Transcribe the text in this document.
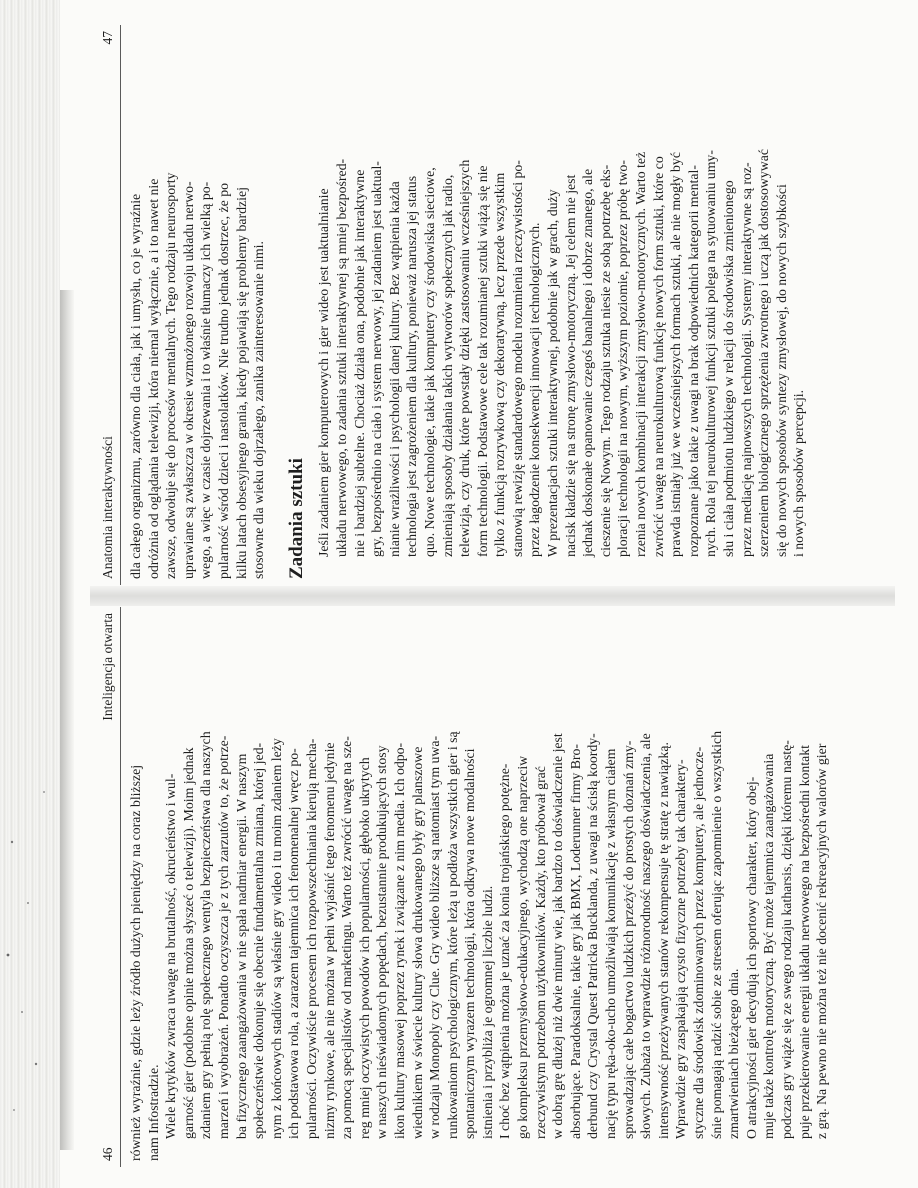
46
Inteligencja otwarta

również wyraźnie, gdzie leży źródło dużych pieniędzy na coraz bliższej nam Infostradzie. Wiele krytyków zwraca uwagę na brutalność, okrucieństwo i wul- garność gier (podobne opinie można słyszeć o telewizji). Moim jednak zdaniem gry pełnią rolę społecznego wentyla bezpieczeństwa dla naszych marzeń i wyobrażeń. Ponadto oczyszcza je z tych zarzutów to, że potrze- ba fizycznego zaangażowania w nie spała nadmiar energii. W naszym społeczeństwie dokonuje się obecnie fundamentalna zmiana, której jed- nym z końcowych stadiów są właśnie gry wideo i tu moim zdaniem leży ich podstawowa rola, a zarazem tajemnica ich fenomenalnej wręcz po- pularności. Oczywiście procesem ich rozpowszechniania kierują mecha- nizmy rynkowe, ale nie można w pełni wyjaśnić tego fenomenu jedynie za pomocą specjalistów od marketingu. Warto też zwrócić uwagę na sze- reg mniej oczywistych powodów ich popularności, głęboko ukrytych w naszych nieświadomych popędach, bezustannie produkujących stosy ikon kultury masowej poprzez rynek i związane z nim media. Ich odpo- wiednikiem w świecie kultury słowa drukowanego były gry planszowe w rodzaju Monopoly czy Clue. Gry wideo bliższe są natomiast tym uwa- runkowaniom psychologicznym, które leżą u podłoża wszystkich gier i są spontanicznym wyrazem technologii, która odkrywa nowe modalności istnienia i przybliża je ogromnej liczbie ludzi. I choć bez wątpienia można je uznać za konia trojańskiego potężne- go kompleksu przemysłowo-edukacyjnego, wychodzą one naprzeciw rzeczywistym potrzebom użytkowników. Każdy, kto próbował grać w dobrą grę dłużej niż dwie minuty wie, jak bardzo to doświadczenie jest absorbujące. Paradoksalnie, takie gry jak BMX, Loderunner firmy Bro- derbund czy Crystal Quest Patricka Bucklanda, z uwagi na ścisłą koordy- nację typu ręka-oko-ucho umożliwiają komunikację z własnym ciałem sprowadzając całe bogactwo ludzkich przeżyć do prostych doznań zmy- słowych. Zubaża to wprawdzie różnorodność naszego doświadczenia, ale intensywność przeżywanych stanów rekompensuje tę stratę z nawiązką. Wprawdzie gry zaspakajają czysto fizyczne potrzeby tak charaktery- styczne dla środowisk zdominowanych przez komputery, ale jednocze- śnie pomagają radzić sobie ze stresem oferując zapomnienie o wszystkich zmartwieniach bieżącego dnia. O atrakcyjności gier decydują ich sportowy charakter, który obej- muje także kontrolę motoryczną. Być może tajemnica zaangażowania podczas gry wiąże się ze swego rodzaju katharsis, dzięki któremu nastę- puje przekierowanie energii układu nerwowego na bezpośredni kontakt z grą. Na pewno nie można też nie docenić rekreacyjnych walorów gier

Anatomia interaktywności
47

dla całego organizmu, zarówno dla ciała, jak i umysłu, co je wyraźnie odróżnia od oglądania telewizji, która niemal wyłącznie, a i to nawet nie zawsze, odwołuje się do procesów mentalnych. Tego rodzaju neurosporty uprawiane są zwłaszcza w okresie wzmożonego rozwoju układu nerwo- wego, a więc w czasie dojrzewania i to właśnie tłumaczy ich wielką po- pularność wśród dzieci i nastolatków. Nie trudno jednak dostrzec, że po kilku latach obsesyjnego grania, kiedy pojawiają się problemy bardziej stosowne dla wieku dojrzałego, zanika zainteresowanie nimi. Zadania sztuki Jeśli zadaniem gier komputerowych i gier wideo jest uaktualnianie układu nerwowego, to zadania sztuki interaktywnej są mniej bezpośred- nie i bardziej subtelne. Chociaż działa ona, podobnie jak interaktywne gry, bezpośrednio na ciało i system nerwowy, jej zadaniem jest uaktual- nianie wrażliwości i psychologii danej kultury. Bez wątpienia każda technologia jest zagrożeniem dla kultury, ponieważ narusza jej status quo. Nowe technologie, takie jak komputery czy środowiska sieciowe, zmieniają sposoby działania takich wytworów społecznych jak radio, telewizja, czy druk, które powstały dzięki zastosowaniu wcześniejszych form technologii. Podstawowe cele tak rozumianej sztuki wiążą się nie tylko z funkcją rozrywkową czy dekoratywną, lecz przede wszystkim stanowią rewizję standardowego modelu rozumienia rzeczywistości po- przez łagodzenie konsekwencji innowacji technologicznych. W prezentacjach sztuki interaktywnej, podobnie jak w grach, duży nacisk kładzie się na stronę zmysłowo-motoryczną. Jej celem nie jest jednak doskonałe opanowanie czegoś banalnego i dobrze znanego, ale cieszenie się Nowym. Tego rodzaju sztuka niesie ze sobą potrzebę eks- ploracji technologii na nowym, wyższym poziomie, poprzez próbę two- rzenia nowych kombinacji interakcji zmysłowo-motorycznych. Warto też zwrócić uwagę na neurokulturową funkcję nowych form sztuki, które co prawda istniały już we wcześniejszych formach sztuki, ale nie mogły być rozpoznane jako takie z uwagi na brak odpowiednich kategorii mental- nych. Rola tej neurokulturowej funkcji sztuki polega na sytuowaniu umy- słu i ciała podmiotu ludzkiego w relacji do środowiska zmienionego przez mediację najnowszych technologii. Systemy interaktywne są roz- szerzeniem biologicznego sprzężenia zwrotnego i uczą jak dostosowywać się do nowych sposobów syntezy zmysłowej, do nowych szybkości i nowych sposobów percepcji.
